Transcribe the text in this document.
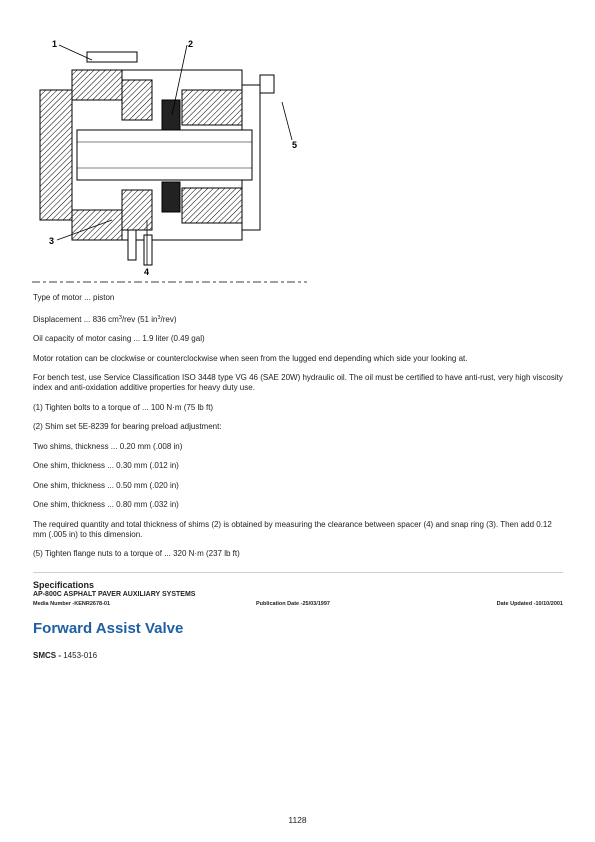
1	2
3
4
5

Type of motor ... piston

Displacement ... 836 $cm^3$/rev (51 $in^3/rev$)

Oil capacity of motor casing ... 1.9 liter (0.49 gal)

Motor rotation can be clockwise or counterclockwise when seen from the lugged end depending which side your looking at.

For bench test, use Service Classification ISO 3448 type VG 46 (SAE 20W) hydraulic oil. The oil must be certified to have anti-rust, very high viscosity index and anti-oxidation additive properties for heavy duty use.

(1) Tighten bolts to a torque of ... 100 N·m (75 lb ft)

(2) Shim set 5E-8239 for bearing preload adjustment:

Two shims, thickness ... 0.20 mm (.008 in)

One shim, thickness ... 0.30 mm (.012 in)

One shim, thickness ... 0.50 mm (.020 in)

One shim, thickness ... 0.80 mm (.032 in)

The required quantity and total thickness of shims (2) is obtained by measuring the clearance between spacer (4) and snap ring (3). Then add 0.12 mm (.005 in) to this dimension.

(5) Tighten flange nuts to a torque of ... 320 N·m (237 lb ft)

Specifications
AP-800C ASPHALT PAVER AUXILIARY SYSTEMS
Media Number -KENR2678-01	Publication Date -25/03/1997	Date Updated -10/10/2001
Forward Assist Valve
SMCS - 1453-016
1128
